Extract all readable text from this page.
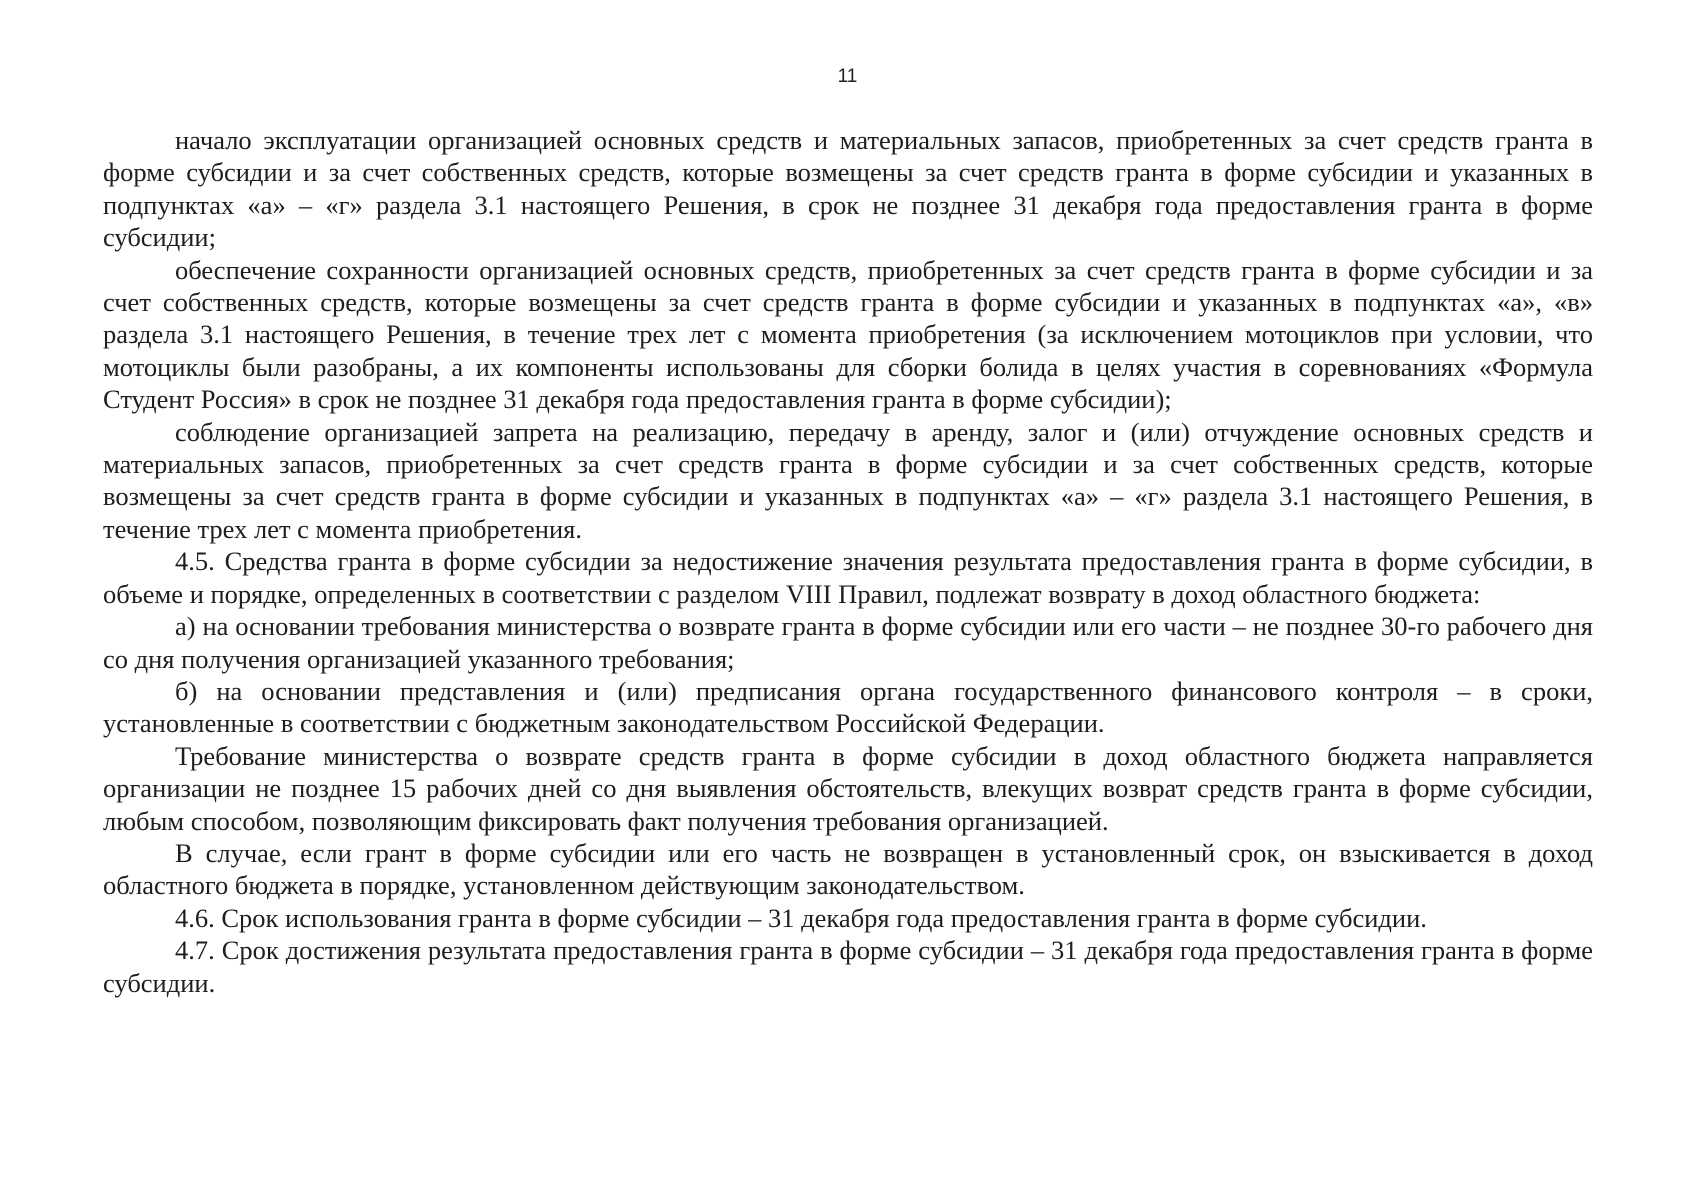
11

начало эксплуатации организацией основных средств и материальных запасов, приобретенных за счет средств гранта в форме субсидии и за счет собственных средств, которые возмещены за счет средств гранта в форме субсидии и указанных в подпунктах «а» – «г» раздела 3.1 настоящего Решения, в срок не позднее 31 декабря года предоставления гранта в форме субсидии;

обеспечение сохранности организацией основных средств, приобретенных за счет средств гранта в форме субсидии и за счет собственных средств, которые возмещены за счет средств гранта в форме субсидии и указанных в подпунктах «а», «в» раздела 3.1 настоящего Решения, в течение трех лет с момента приобретения (за исключением мотоциклов при условии, что мотоциклы были разобраны, а их компоненты использованы для сборки болида в целях участия в соревнованиях «Формула Студент Россия» в срок не позднее 31 декабря года предоставления гранта в форме субсидии);

соблюдение организацией запрета на реализацию, передачу в аренду, залог и (или) отчуждение основных средств и материальных запасов, приобретенных за счет средств гранта в форме субсидии и за счет собственных средств, которые возмещены за счет средств гранта в форме субсидии и указанных в подпунктах «а» – «г» раздела 3.1 настоящего Решения, в течение трех лет с момента приобретения.

4.5. Средства гранта в форме субсидии за недостижение значения результата предоставления гранта в форме субсидии, в объеме и порядке, определенных в соответствии с разделом VIII Правил, подлежат возврату в доход областного бюджета:

а) на основании требования министерства о возврате гранта в форме субсидии или его части – не позднее 30-го рабочего дня со дня получения организацией указанного требования;

б) на основании представления и (или) предписания органа государственного финансового контроля – в сроки, установленные в соответствии с бюджетным законодательством Российской Федерации.

Требование министерства о возврате средств гранта в форме субсидии в доход областного бюджета направляется организации не позднее 15 рабочих дней со дня выявления обстоятельств, влекущих возврат средств гранта в форме субсидии, любым способом, позволяющим фиксировать факт получения требования организацией.

В случае, если грант в форме субсидии или его часть не возвращен в установленный срок, он взыскивается в доход областного бюджета в порядке, установленном действующим законодательством.

4.6. Срок использования гранта в форме субсидии – 31 декабря года предоставления гранта в форме субсидии.

4.7. Срок достижения результата предоставления гранта в форме субсидии – 31 декабря года предоставления гранта в форме субсидии.
